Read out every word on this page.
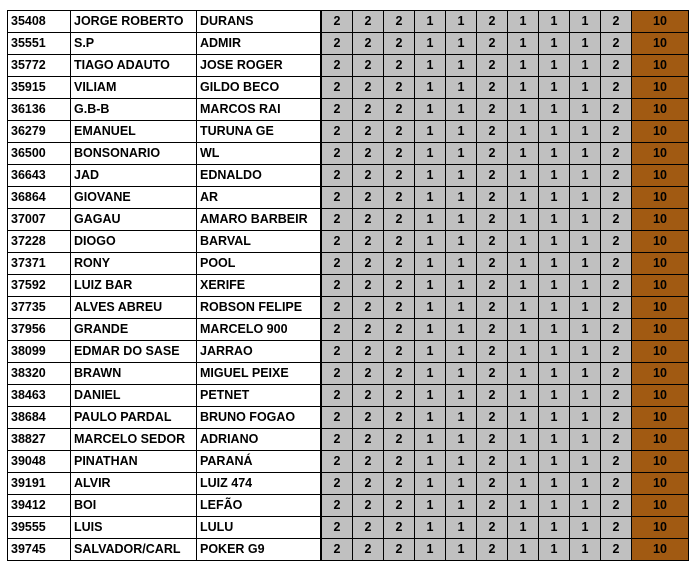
35408	JORGE ROBERTO	DURANS	2	2	2	1	1	2	1	1	1	2	10
35551	S.P	ADMIR	2	2	2	1	1	2	1	1	1	2	10
35772	TIAGO ADAUTO	JOSE ROGER	2	2	2	1	1	2	1	1	1	2	10
35915	VILIAM	GILDO BECO	2	2	2	1	1	2	1	1	1	2	10
36136	G.B-B	MARCOS RAI	2	2	2	1	1	2	1	1	1	2	10
36279	EMANUEL	TURUNA GE	2	2	2	1	1	2	1	1	1	2	10
36500	BONSONARIO	WL	2	2	2	1	1	2	1	1	1	2	10
36643	JAD	EDNALDO	2	2	2	1	1	2	1	1	1	2	10
36864	GIOVANE	AR	2	2	2	1	1	2	1	1	1	2	10
37007	GAGAU	AMARO BARBEIR	2	2	2	1	1	2	1	1	1	2	10
37228	DIOGO	BARVAL	2	2	2	1	1	2	1	1	1	2	10
37371	RONY	POOL	2	2	2	1	1	2	1	1	1	2	10
37592	LUIZ BAR	XERIFE	2	2	2	1	1	2	1	1	1	2	10
37735	ALVES ABREU	ROBSON FELIPE	2	2	2	1	1	2	1	1	1	2	10
37956	GRANDE	MARCELO 900	2	2	2	1	1	2	1	1	1	2	10
38099	EDMAR DO SASE	JARRAO	2	2	2	1	1	2	1	1	1	2	10
38320	BRAWN	MIGUEL PEIXE	2	2	2	1	1	2	1	1	1	2	10
38463	DANIEL	PETNET	2	2	2	1	1	2	1	1	1	2	10
38684	PAULO PARDAL	BRUNO FOGAO	2	2	2	1	1	2	1	1	1	2	10
38827	MARCELO SEDOR	ADRIANO	2	2	2	1	1	2	1	1	1	2	10
39048	PINATHAN	PARANÁ	2	2	2	1	1	2	1	1	1	2	10
39191	ALVIR	LUIZ 474	2	2	2	1	1	2	1	1	1	2	10
39412	BOI	LEFÃO	2	2	2	1	1	2	1	1	1	2	10
39555	LUIS	LULU	2	2	2	1	1	2	1	1	1	2	10
39745	SALVADOR/CARL	POKER G9	2	2	2	1	1	2	1	1	1	2	10
